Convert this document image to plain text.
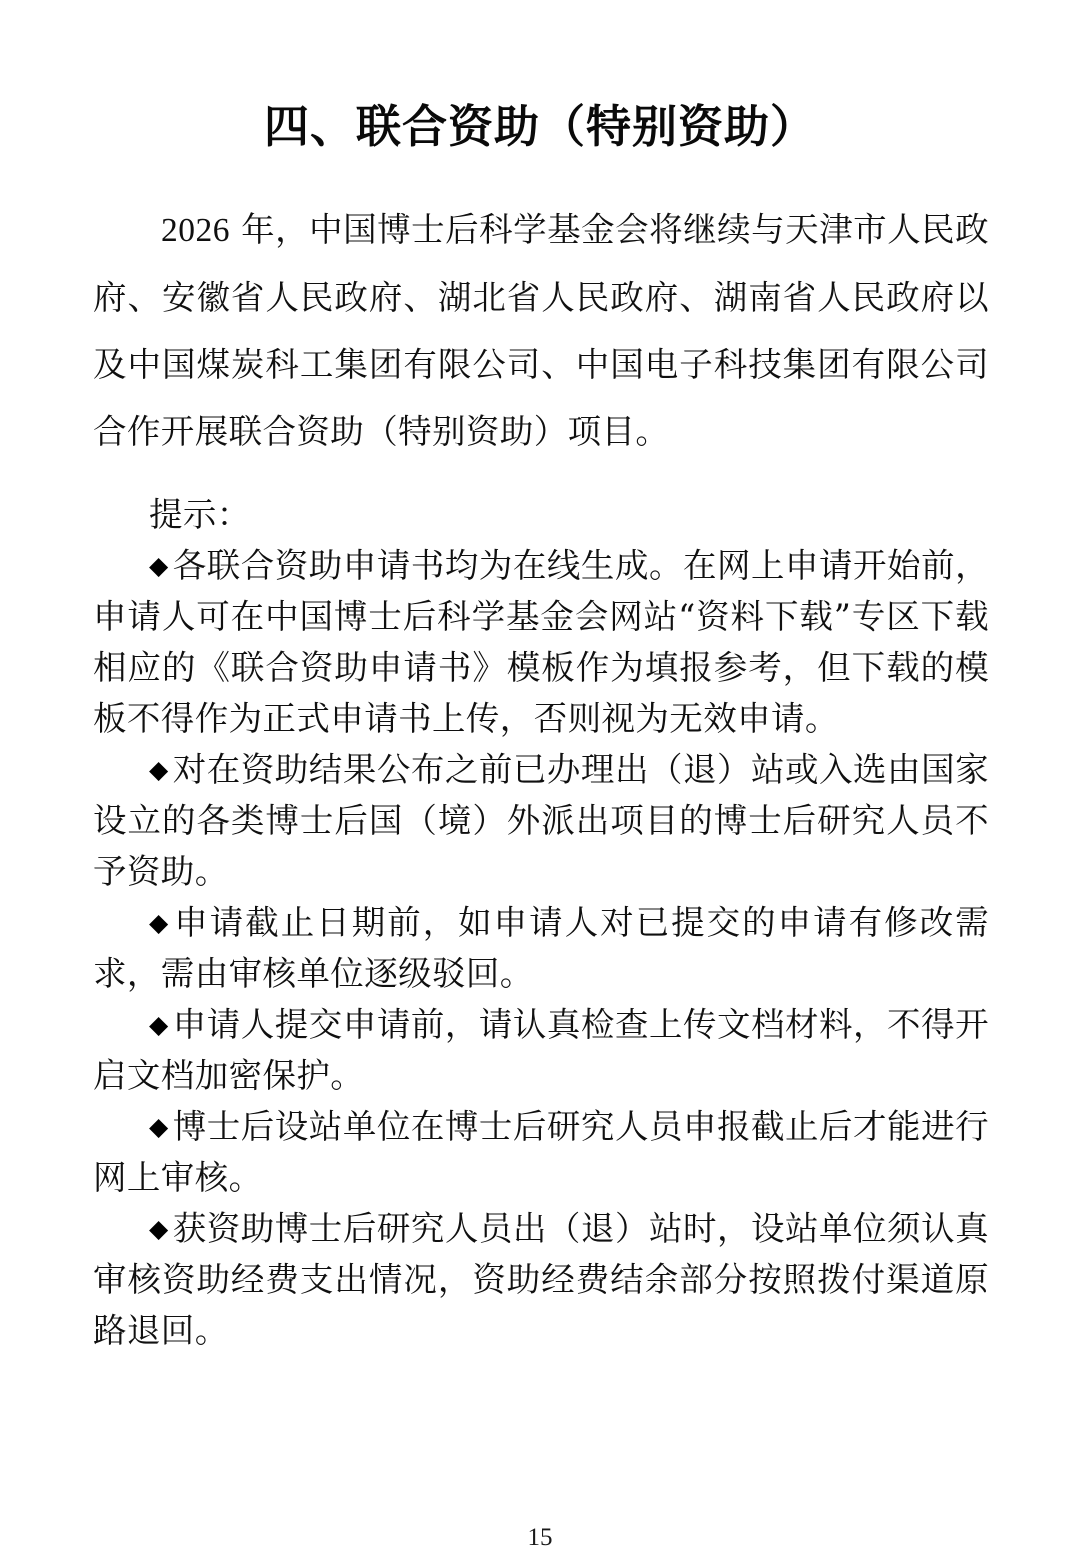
四、联合资助（特别资助）

2026 年，中国博士后科学基金会将继续与天津市人民政府、安徽省人民政府、湖北省人民政府、湖南省人民政府以及中国煤炭科工集团有限公司、中国电子科技集团有限公司合作开展联合资助（特别资助）项目。

提示：

◆ 各联合资助申请书均为在线生成。在网上申请开始前，申请人可在中国博士后科学基金会网站“资料下载”专区下载相应的《联合资助申请书》模板作为填报参考，但下载的模板不得作为正式申请书上传，否则视为无效申请。

◆ 对在资助结果公布之前已办理出（退）站或入选由国家设立的各类博士后国（境）外派出项目的博士后研究人员不予资助。

◆ 申请截止日期前，如申请人对已提交的申请有修改需求，需由审核单位逐级驳回。

◆ 申请人提交申请前，请认真检查上传文档材料，不得开启文档加密保护。

◆ 博士后设站单位在博士后研究人员申报截止后才能进行网上审核。

◆ 获资助博士后研究人员出（退）站时，设站单位须认真审核资助经费支出情况，资助经费结余部分按照拨付渠道原路退回。

15
